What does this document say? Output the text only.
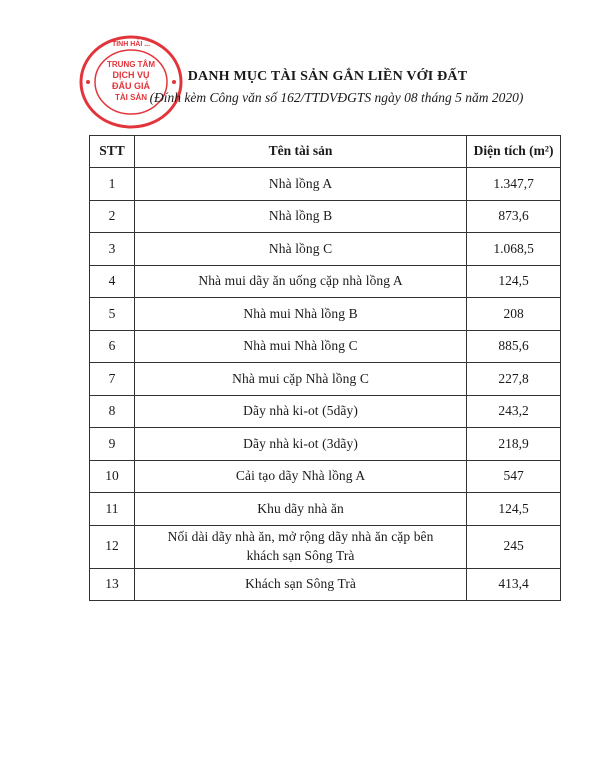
TRUNG TÂM
DỊCH VỤ
ĐẤU GIÁ
TÀI SẢN
TỈNH HẢI ...
DANH MỤC TÀI SẢN GẮN LIỀN VỚI ĐẤT
(Đính kèm Công văn số 162/TTDVĐGTS ngày 08 tháng 5 năm 2020)
STT	Tên tài sản	Diện tích (m²)
1	Nhà lồng A	1.347,7
2	Nhà lồng B	873,6
3	Nhà lồng C	1.068,5
4	Nhà mui dãy ăn uống cặp nhà lồng A	124,5
5	Nhà mui Nhà lồng B	208
6	Nhà mui Nhà lồng C	885,6
7	Nhà mui cặp Nhà lồng C	227,8
8	Dãy nhà ki-ot (5dãy)	243,2
9	Dãy nhà ki-ot (3dãy)	218,9
10	Cải tạo dãy Nhà lồng A	547
11	Khu dãy nhà ăn	124,5
12	Nối dài dãy nhà ăn, mở rộng dãy nhà ăn cặp bên
khách sạn Sông Trà	245
13	Khách sạn Sông Trà	413,4
